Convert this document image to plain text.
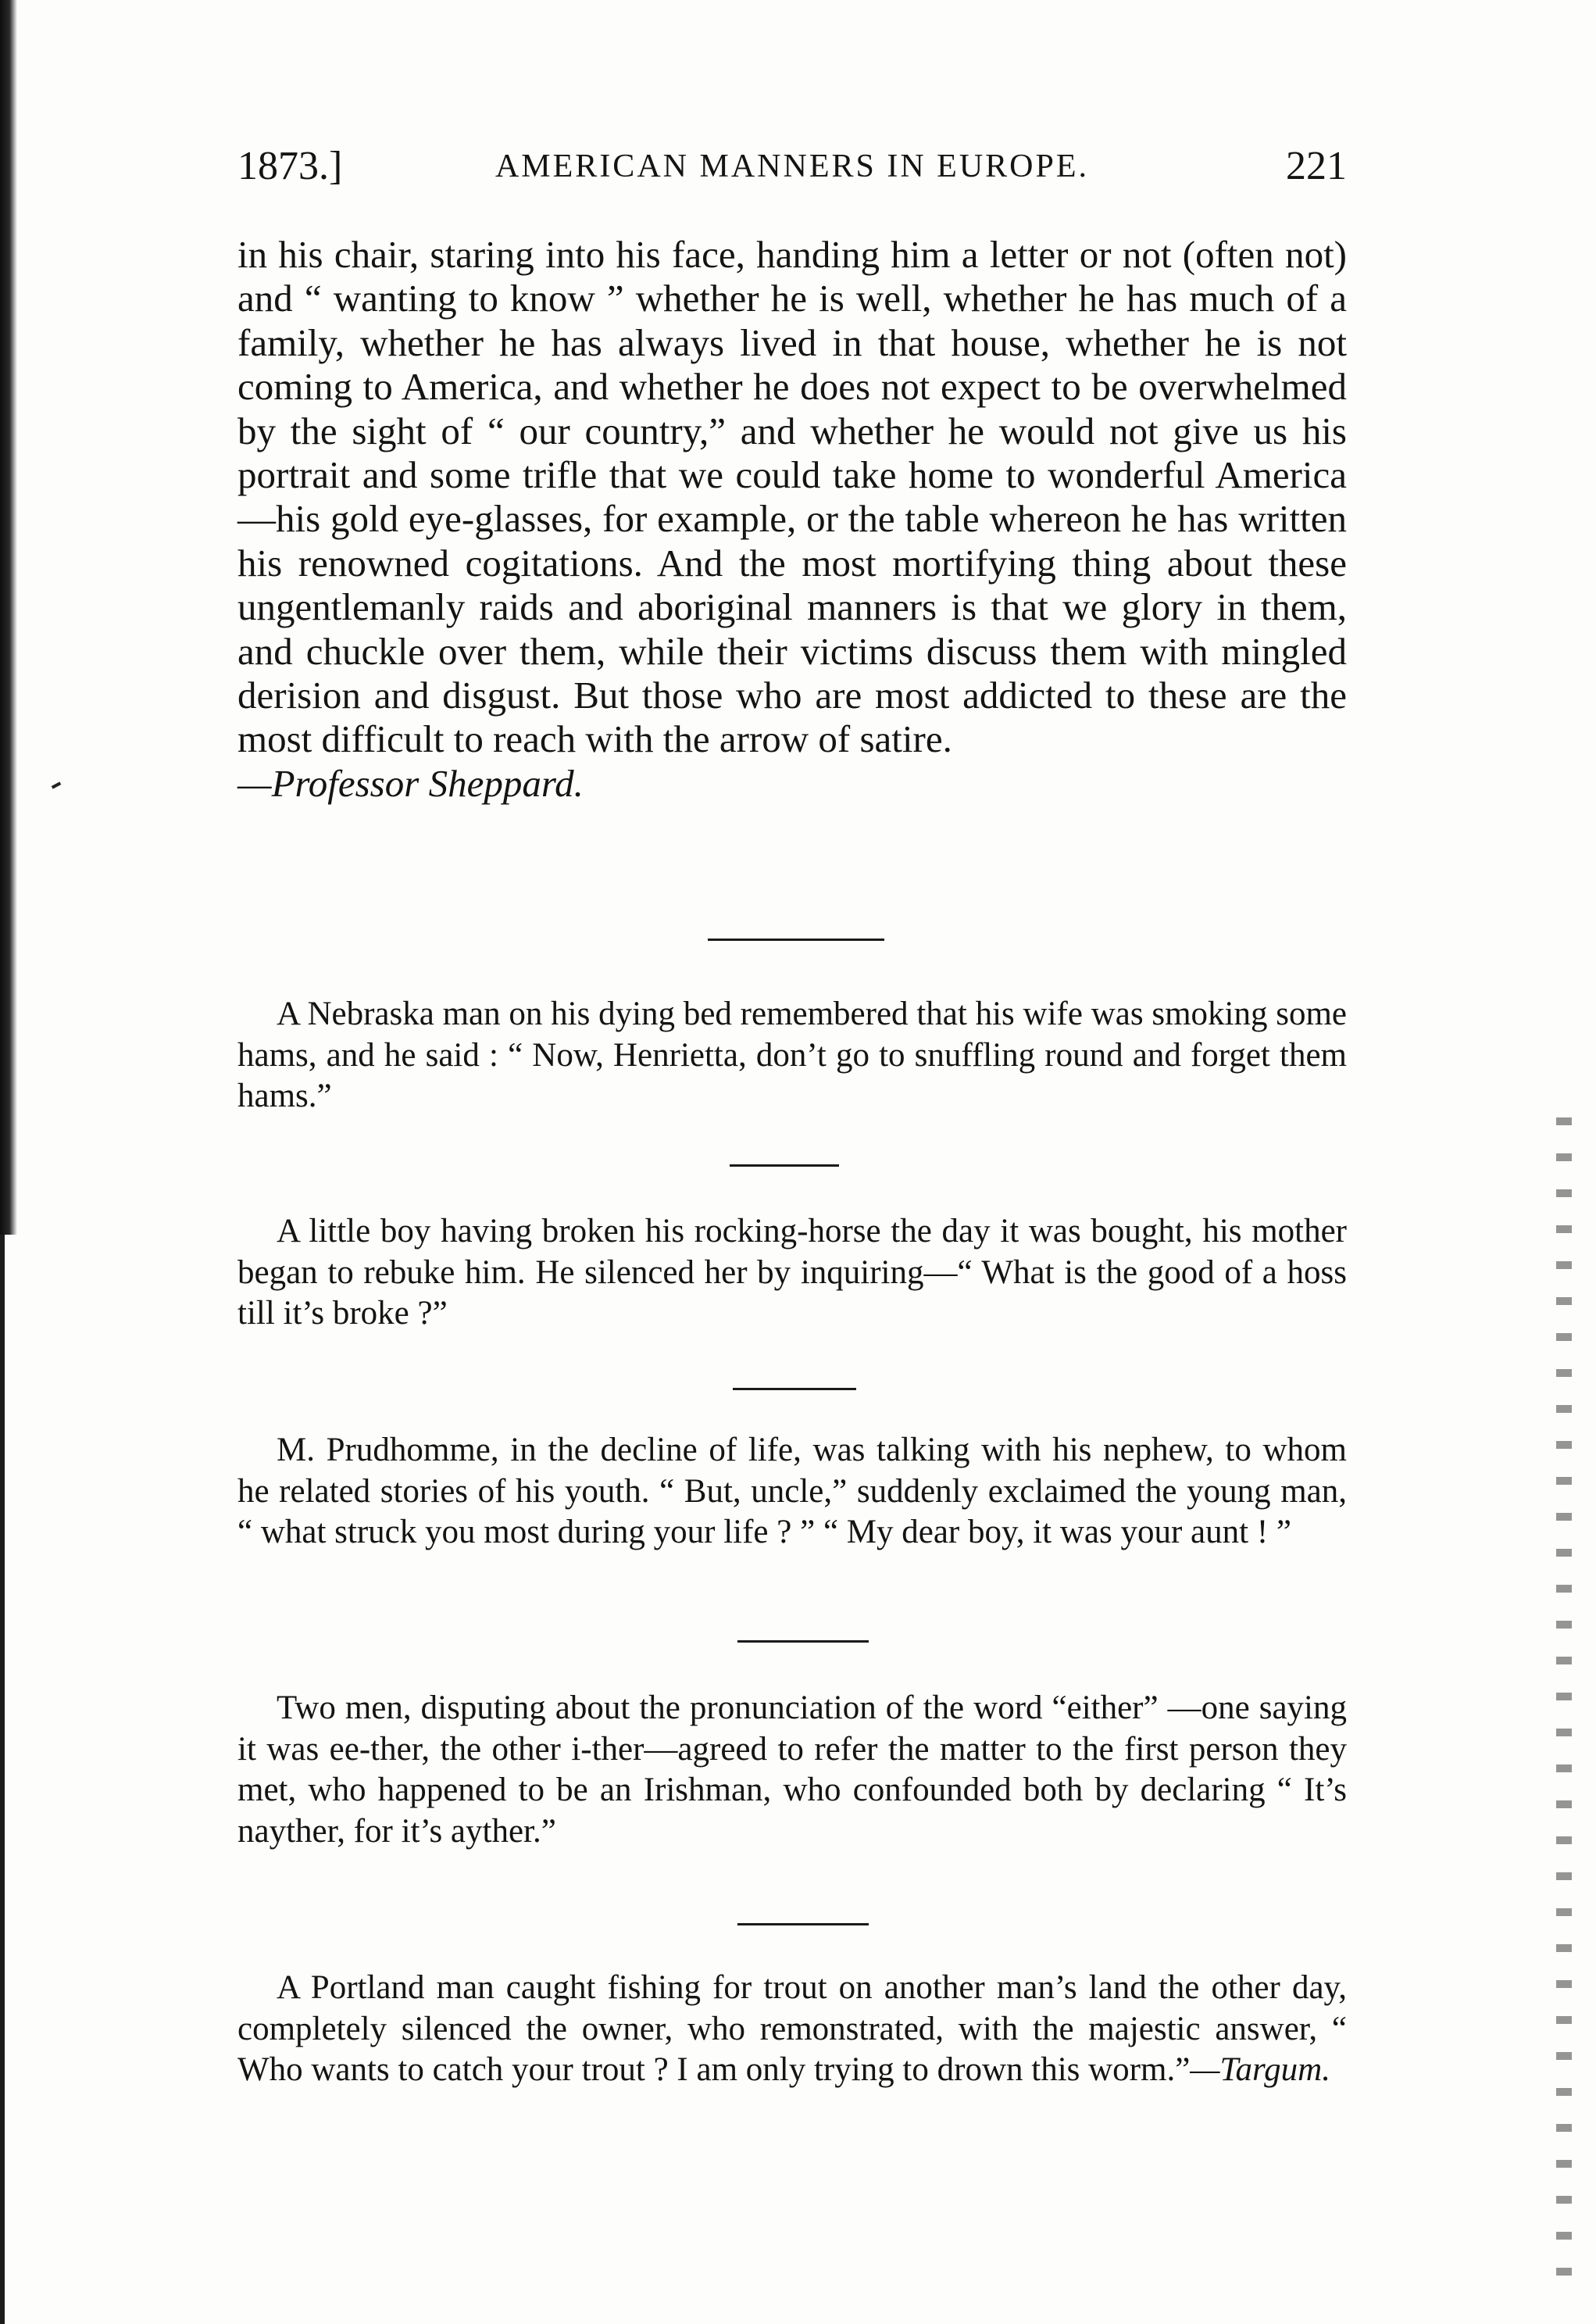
1873.]	AMERICAN MANNERS IN EUROPE.	221

in his chair, staring into his face, handing him a letter or not (often not) and “ wanting to know ” whether he is well, whether he has much of a family, whether he has always lived in that house, whether he is not coming to America, and whether he does not expect to be overwhelmed by the sight of “ our country,” and whether he would not give us his portrait and some trifle that we could take home to wonderful America—his gold eye-glasses, for example, or the table whereon he has written his renowned cogitations. And the most mortifying thing about these ungentlemanly raids and aboriginal manners is that we glory in them, and chuckle over them, while their victims discuss them with mingled derision and disgust. But those who are most addicted to these are the most difficult to reach with the arrow of satire.
—Professor Sheppard.

A Nebraska man on his dying bed remembered that his wife was smoking some hams, and he said : “ Now, Henrietta, don’t go to snuffling round and forget them hams.”

A little boy having broken his rocking-horse the day it was bought, his mother began to rebuke him. He silenced her by inquiring—“ What is the good of a hoss till it’s broke ?”

M. Prudhomme, in the decline of life, was talking with his nephew, to whom he related stories of his youth. “ But, uncle,” suddenly exclaimed the young man, “ what struck you most during your life ? ” “ My dear boy, it was your aunt ! ”

Two men, disputing about the pronunciation of the word “either” —one saying it was ee-ther, the other i-ther—agreed to refer the matter to the first person they met, who happened to be an Irishman, who confounded both by declaring “ It’s nayther, for it’s ayther.”

A Portland man caught fishing for trout on another man’s land the other day, completely silenced the owner, who remonstrated, with the majestic answer, “ Who wants to catch your trout ? I am only trying to drown this worm.”—Targum.
